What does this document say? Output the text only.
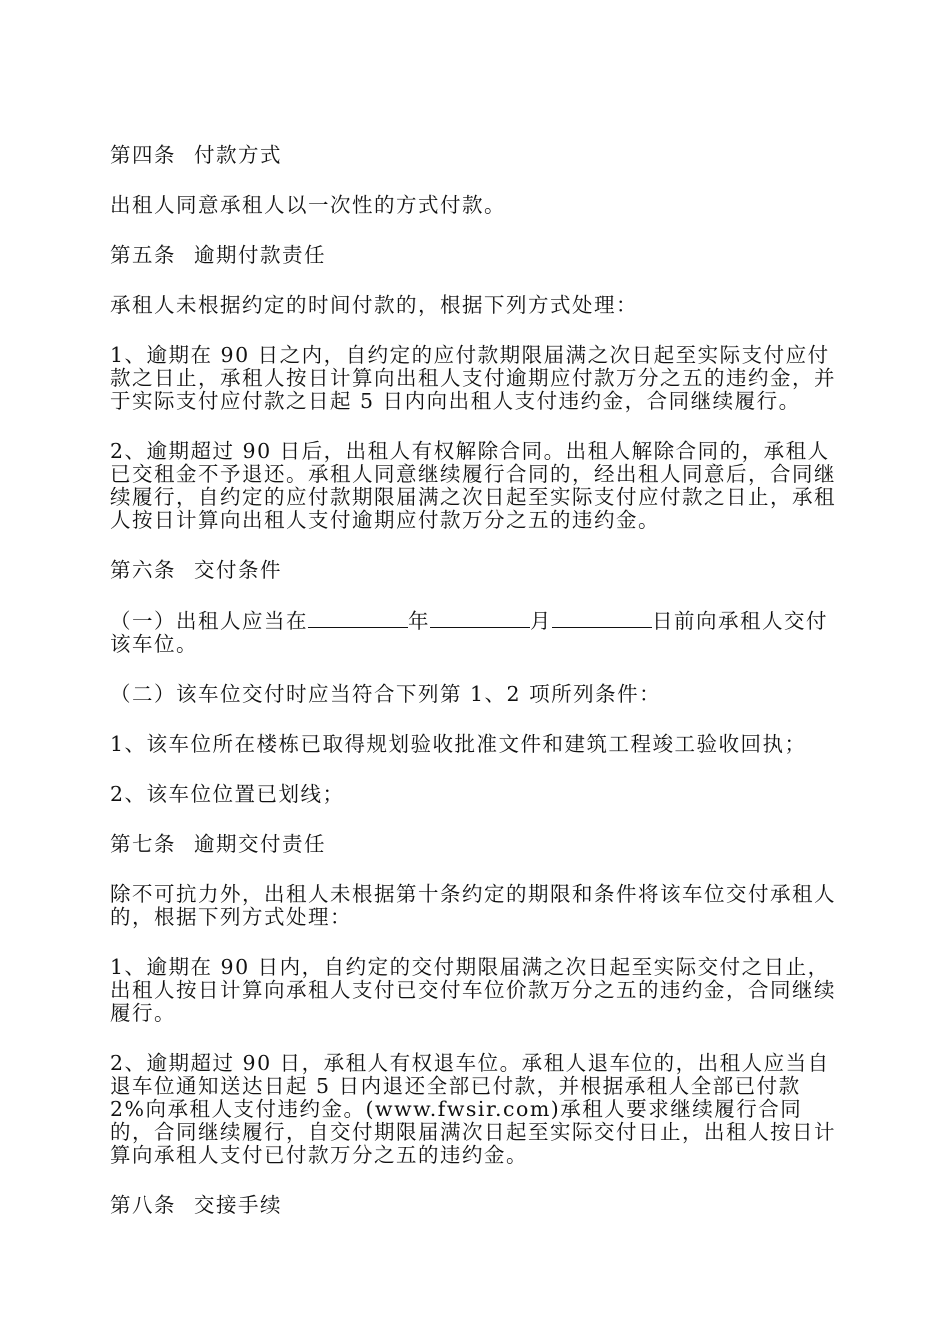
第四条 付款方式

出租人同意承租人以一次性的方式付款。

第五条 逾期付款责任

承租人未根据约定的时间付款的，根据下列方式处理：

1、逾期在 90 日之内，自约定的应付款期限届满之次日起至实际支付应付款之日止，承租人按日计算向出租人支付逾期应付款万分之五的违约金，并于实际支付应付款之日起 5 日内向出租人支付违约金，合同继续履行。

2、逾期超过 90 日后，出租人有权解除合同。出租人解除合同的，承租人已交租金不予退还。承租人同意继续履行合同的，经出租人同意后，合同继续履行，自约定的应付款期限届满之次日起至实际支付应付款之日止，承租人按日计算向出租人支付逾期应付款万分之五的违约金。

第六条 交付条件

（一）出租人应当在	年	月	日前向承租人交付该车位。

（二）该车位交付时应当符合下列第 1、2 项所列条件：

1、该车位所在楼栋已取得规划验收批准文件和建筑工程竣工验收回执；

2、该车位位置已划线；

第七条 逾期交付责任

除不可抗力外，出租人未根据第十条约定的期限和条件将该车位交付承租人的，根据下列方式处理：

1、逾期在 90 日内，自约定的交付期限届满之次日起至实际交付之日止，出租人按日计算向承租人支付已交付车位价款万分之五的违约金，合同继续履行。

2、逾期超过 90 日，承租人有权退车位。承租人退车位的，出租人应当自退车位通知送达日起 5 日内退还全部已付款，并根据承租人全部已付款 2%向承租人支付违约金。(www.fwsir.com)承租人要求继续履行合同的，合同继续履行，自交付期限届满次日起至实际交付日止，出租人按日计算向承租人支付已付款万分之五的违约金。

第八条 交接手续
